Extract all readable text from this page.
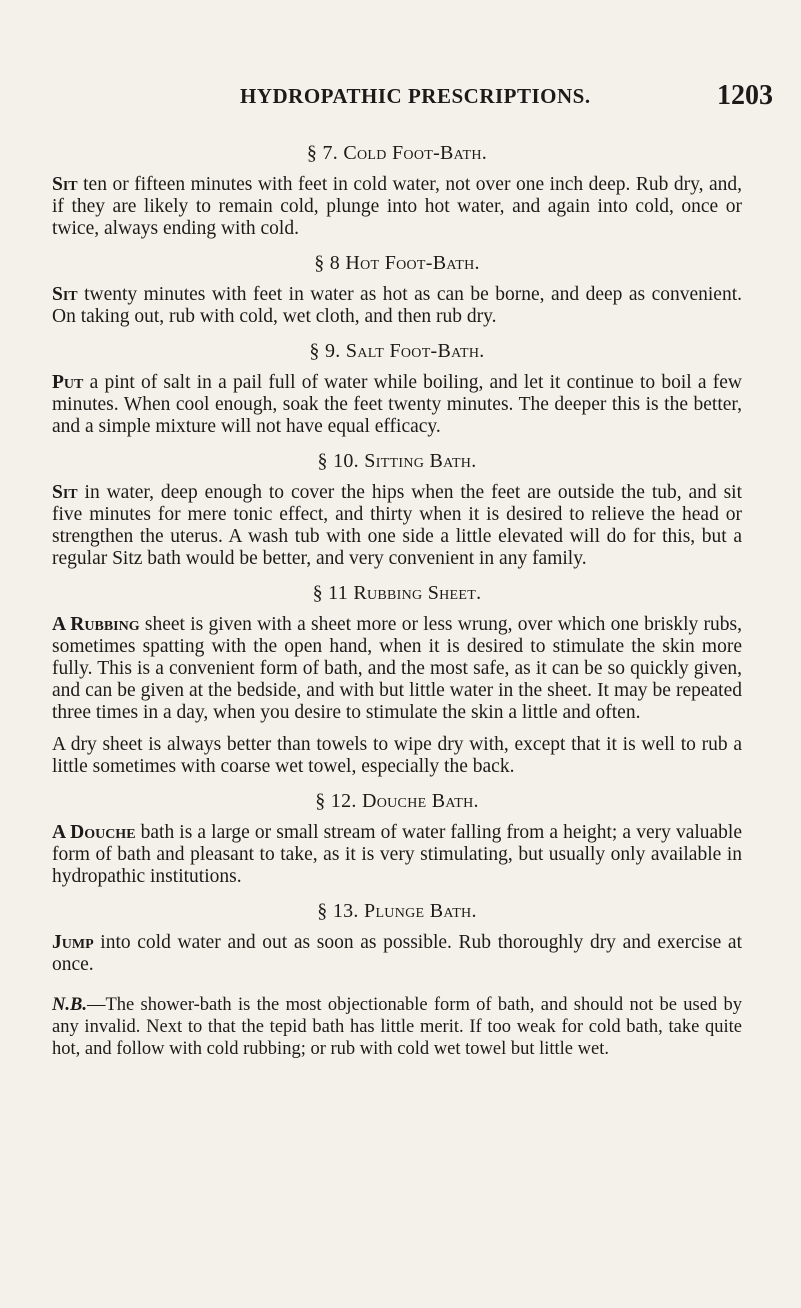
HYDROPATHIC PRESCRIPTIONS.	1203
§ 7. Cold Foot-Bath.

Sit ten or fifteen minutes with feet in cold water, not over one inch deep. Rub dry, and, if they are likely to remain cold, plunge into hot water, and again into cold, once or twice, always ending with cold.

§ 8 Hot Foot-Bath.

Sit twenty minutes with feet in water as hot as can be borne, and deep as convenient. On taking out, rub with cold, wet cloth, and then rub dry.

§ 9. Salt Foot-Bath.

Put a pint of salt in a pail full of water while boiling, and let it continue to boil a few minutes. When cool enough, soak the feet twenty minutes. The deeper this is the better, and a simple mixture will not have equal efficacy.

§ 10. Sitting Bath.

Sit in water, deep enough to cover the hips when the feet are outside the tub, and sit five minutes for mere tonic effect, and thirty when it is desired to relieve the head or strengthen the uterus. A wash tub with one side a little elevated will do for this, but a regular Sitz bath would be better, and very convenient in any family.

§ 11 Rubbing Sheet.

A Rubbing sheet is given with a sheet more or less wrung, over which one briskly rubs, sometimes spatting with the open hand, when it is desired to stimulate the skin more fully. This is a convenient form of bath, and the most safe, as it can be so quickly given, and can be given at the bedside, and with but little water in the sheet. It may be repeated three times in a day, when you desire to stimulate the skin a little and often.

A dry sheet is always better than towels to wipe dry with, except that it is well to rub a little sometimes with coarse wet towel, especially the back.

§ 12. Douche Bath.

A Douche bath is a large or small stream of water falling from a height; a very valuable form of bath and pleasant to take, as it is very stimulating, but usually only available in hydropathic institutions.

§ 13. Plunge Bath.

Jump into cold water and out as soon as possible. Rub thoroughly dry and exercise at once.

N.B.—The shower-bath is the most objectionable form of bath, and should not be used by any invalid. Next to that the tepid bath has little merit. If too weak for cold bath, take quite hot, and follow with cold rubbing; or rub with cold wet towel but little wet.
